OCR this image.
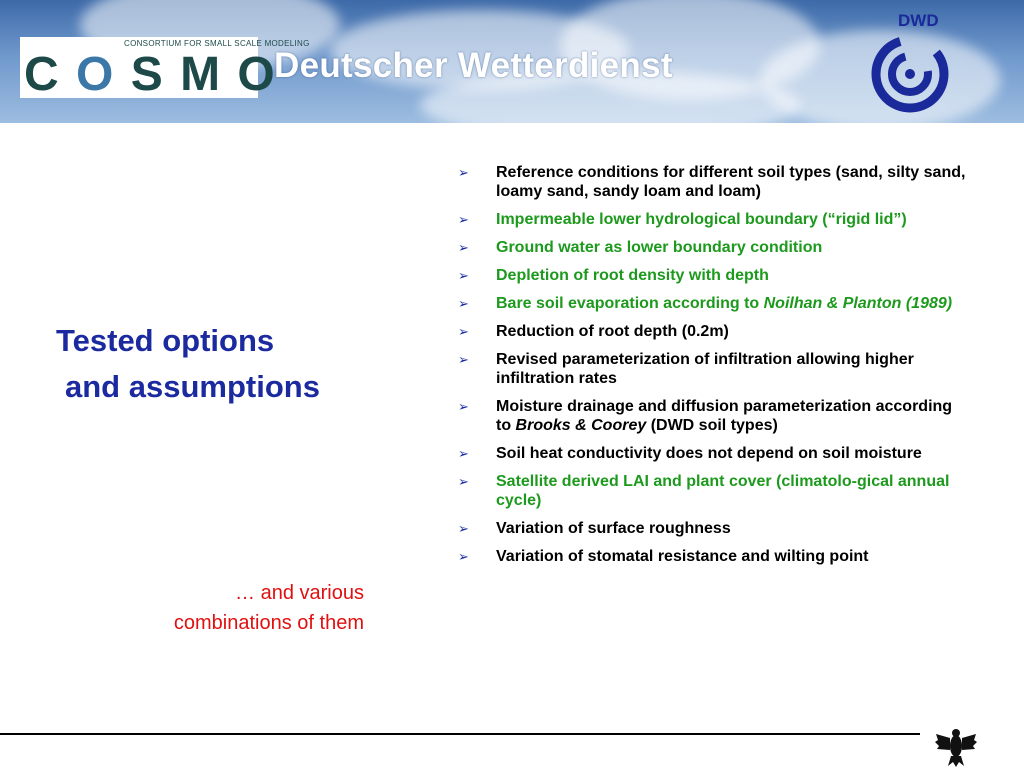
CONSORTIUM FOR SMALL SCALE MODELING
C O S M O
Deutscher Wetterdienst
DWD
Tested options
and assumptions
… and various
combinations of them
➢ Reference conditions for different soil types (sand, silty sand, loamy sand, sandy loam and loam)
➢ Impermeable lower hydrological boundary (“rigid lid”)
➢ Ground water as lower boundary condition
➢ Depletion of root density with depth
➢ Bare soil evaporation according to Noilhan & Planton (1989)
➢ Reduction of root depth (0.2m)
➢ Revised parameterization of infiltration allowing higher infiltration rates
➢ Moisture drainage and diffusion parameterization according to Brooks & Coorey (DWD soil types)
➢ Soil heat conductivity does not depend on soil moisture
➢ Satellite derived LAI and plant cover (climatolo-gical annual cycle)
➢ Variation of surface roughness
➢ Variation of stomatal resistance and wilting point
